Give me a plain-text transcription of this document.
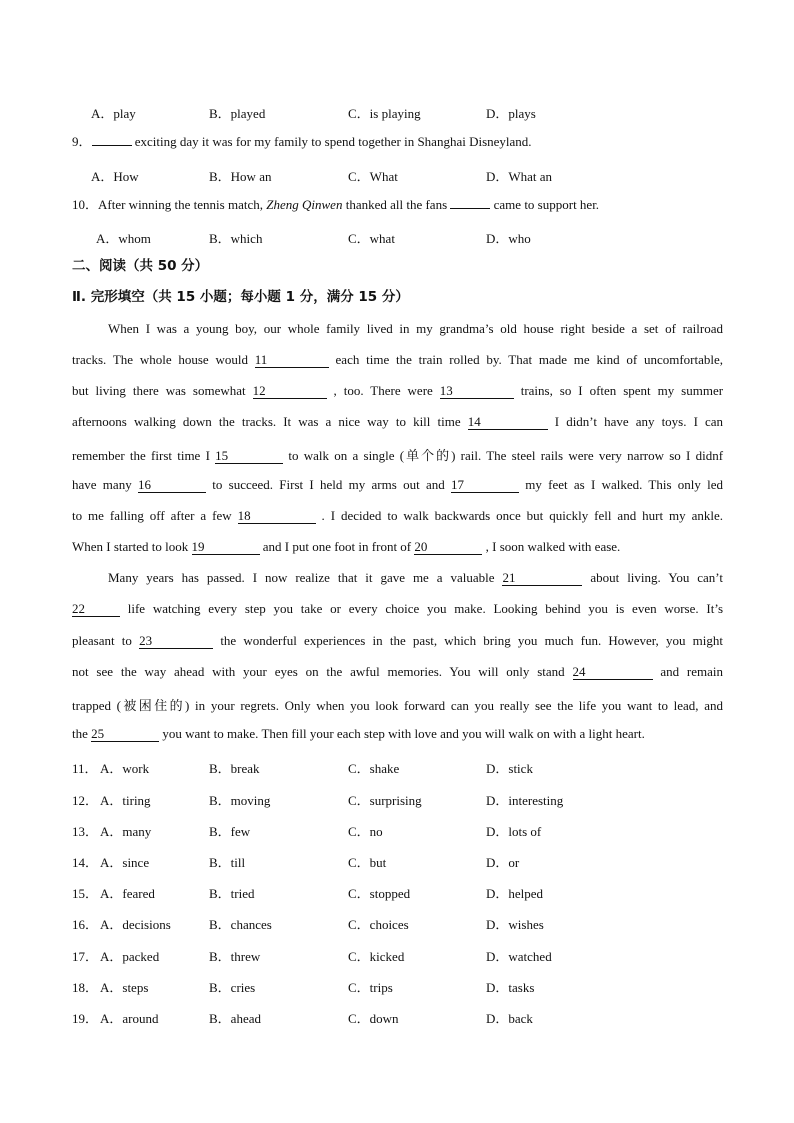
A．play	B．played	C．is playing	D．plays
9．	exciting day it was for my family to spend together in Shanghai Disneyland.
A．How	B．How an	C．What	D．What an
10．After winning the tennis match, Zheng Qinwen thanked all the fans	came to support her.
A．whom	B．which	C．what	D．who
二、阅读（共 50 分）
Ⅱ. 完形填空（共 15 小题；每小题 1 分，满分 15 分）
When I was a young boy, our whole family lived in my grandma’s old house right beside a set of railroad
tracks. The whole house would 11	each time the train rolled by. That made me kind of uncomfortable,
but living there was somewhat 12	, too. There were 13	trains, so I often spent my summer
afternoons walking down the tracks. It was a nice way to kill time 14	I didn’t have any toys. I can
remember the first time I 15	to walk on a single (单个的) rail. The steel rails were very narrow so I didnf
have many 16	to succeed. First I held my arms out and 17	my feet as I walked. This only led
to me falling off after a few 18	. I decided to walk backwards once but quickly fell and hurt my ankle.
When I started to look 19	and I put one foot in front of 20	, I soon walked with ease.
Many years has passed. I now realize that it gave me a valuable 21	about living. You can’t
22	life watching every step you take or every choice you make. Looking behind you is even worse. It’s
pleasant to 23	the wonderful experiences in the past, which bring you much fun. However, you might
not see the way ahead with your eyes on the awful memories. You will only stand 24	and remain
trapped (被困住的) in your regrets. Only when you look forward can you really see the life you want to lead, and
the 25	you want to make. Then fill your each step with love and you will walk on with a light heart.
11． A．work	B．break	C．shake	D．stick
12． A．tiring	B．moving	C．surprising	D．interesting
13． A．many	B．few	C．no	D．lots of
14． A．since	B．till	C．but	D．or
15． A．feared	B．tried	C．stopped	D．helped
16． A．decisions	B．chances	C．choices	D．wishes
17． A．packed	B．threw	C．kicked	D．watched
18． A．steps	B．cries	C．trips	D．tasks
19． A．around	B．ahead	C．down	D．back
